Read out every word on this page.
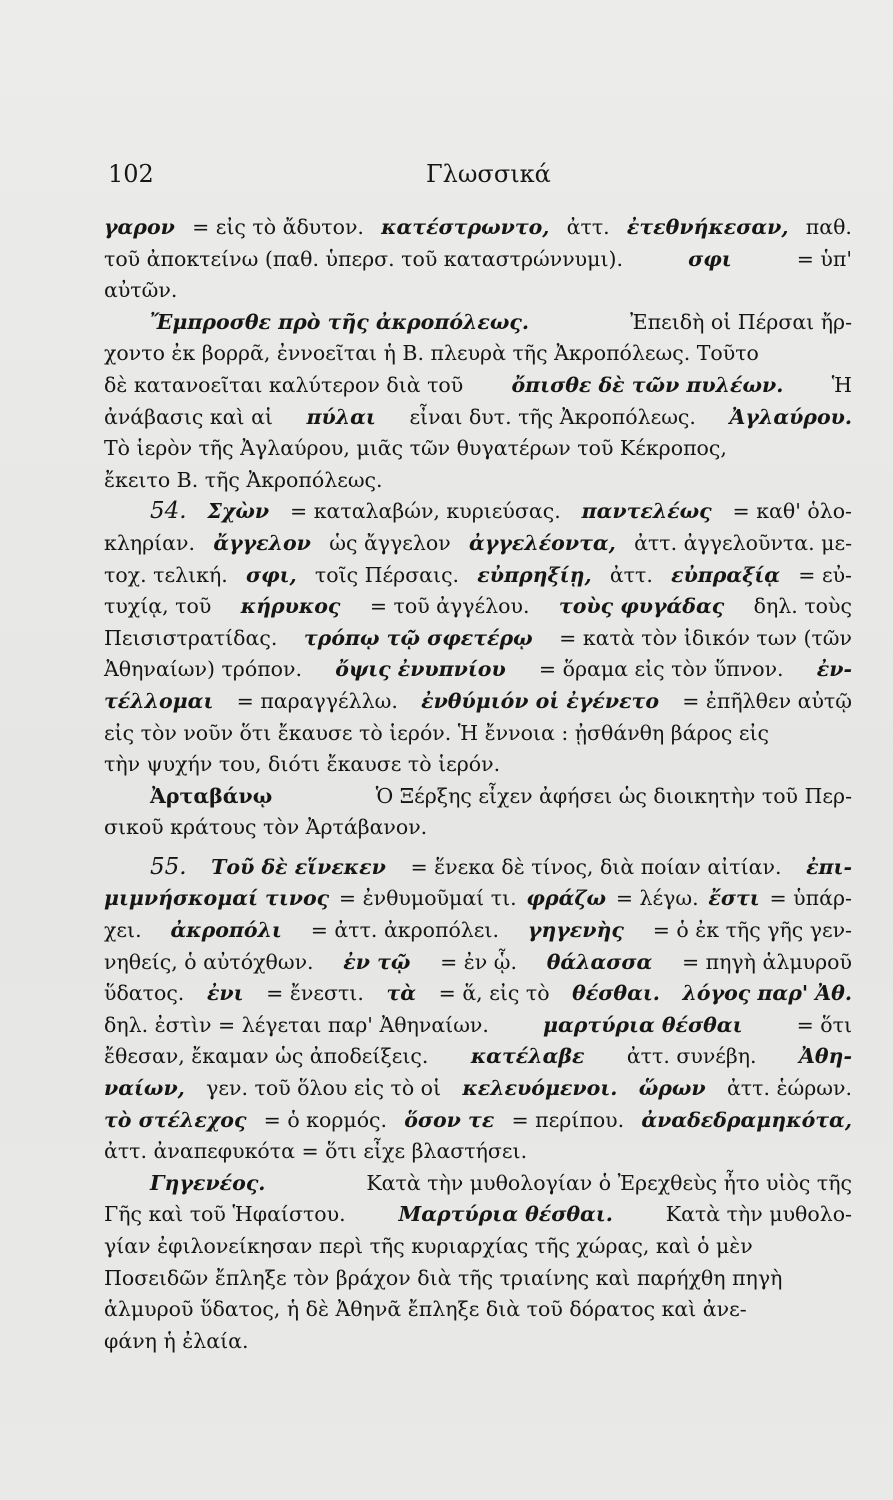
102	Γλωσσικά
γαρον = εἰς τὸ ἄδυτον. κατέστρωντο, ἀττ. ἐτεθνήκεσαν, παθ.
τοῦ ἀποκτείνω (παθ. ὑπερσ. τοῦ καταστρώννυμι).	σφι	= ὑπ'
αὐτῶν.
Ἔμπροσθε πρὸ τῆς ἀκροπόλεως.	Ἐπειδὴ οἱ Πέρσαι ἤρ-
χοντο ἐκ βορρᾶ, ἐννοεῖται ἡ Β. πλευρὰ τῆς Ἀκροπόλεως. Τοῦτο
δὲ κατανοεῖται καλύτερον διὰ τοῦ ὄπισθε δὲ τῶν πυλέων. Ἡ
ἀνάβασις καὶ αἱ πύλαι εἶναι δυτ. τῆς Ἀκροπόλεως. Ἀγλαύρου.
Τὸ ἱερὸν τῆς Ἀγλαύρου, μιᾶς τῶν θυγατέρων τοῦ Κέκροπος,
ἔκειτο Β. τῆς Ἀκροπόλεως.
54. Σχὼν = καταλαβών, κυριεύσας. παντελέως = καθ' ὁλο-
κληρίαν. ἄγγελον ὡς ἄγγελον ἀγγελέοντα, ἀττ. ἀγγελοῦντα. με-
τοχ. τελική. σφι, τοῖς Πέρσαις. εὐπρηξίῃ, ἀττ. εὐπραξίᾳ = εὐ-
τυχίᾳ, τοῦ κήρυκος = τοῦ ἀγγέλου. τοὺς φυγάδας δηλ. τοὺς
Πεισιστρατίδας. τρόπῳ τῷ σφετέρῳ = κατὰ τὸν ἰδικόν των (τῶν
Ἀθηναίων) τρόπον. ὄψις ἐνυπνίου = ὅραμα εἰς τὸν ὕπνον. ἐν-
τέλλομαι = παραγγέλλω. ἐνθύμιόν οἱ ἐγένετο = ἐπῆλθεν αὐτῷ
εἰς τὸν νοῦν ὅτι ἔκαυσε τὸ ἱερόν. Ἡ ἔννοια : ᾐσθάνθη βάρος εἰς
τὴν ψυχήν του, διότι ἔκαυσε τὸ ἱερόν.
Ἀρταβάνῳ	Ὁ Ξέρξης εἶχεν ἀφήσει ὡς διοικητὴν τοῦ Περ-
σικοῦ κράτους τὸν Ἀρτάβανον.
55. Τοῦ δὲ εἵνεκεν = ἕνεκα δὲ τίνος, διὰ ποίαν αἰτίαν. ἐπι-
μιμνήσκομαί τινος = ἐνθυμοῦμαί τι. φράζω = λέγω. ἔστι = ὑπάρ-
χει. ἀκροπόλι = ἀττ. ἀκροπόλει. γηγενὴς = ὁ ἐκ τῆς γῆς γεν-
νηθείς, ὁ αὐτόχθων. ἐν τῷ = ἐν ᾧ. θάλασσα = πηγὴ ἁλμυροῦ
ὕδατος. ἐνι = ἔνεστι. τὰ = ἅ, εἰς τὸ θέσθαι. λόγος παρ' Ἀθ.
δηλ. ἐστὶν = λέγεται παρ' Ἀθηναίων.	μαρτύρια θέσθαι	= ὅτι
ἔθεσαν, ἔκαμαν ὡς ἀποδείξεις. κατέλαβε ἀττ. συνέβη. Ἀθη-
ναίων, γεν. τοῦ ὅλου εἰς τὸ οἱ κελευόμενοι. ὥρων ἀττ. ἑώρων.
τὸ στέλεχος = ὁ κορμός. ὅσον τε = περίπου. ἀναδεδραμηκότα,
ἀττ. ἀναπεφυκότα = ὅτι εἶχε βλαστήσει.
Γηγενέος.	Κατὰ τὴν μυθολογίαν ὁ Ἐρεχθεὺς ἦτο υἱὸς τῆς
Γῆς καὶ τοῦ Ἡφαίστου.	Μαρτύρια θέσθαι.	Κατὰ τὴν μυθολο-
γίαν ἐφιλονείκησαν περὶ τῆς κυριαρχίας τῆς χώρας, καὶ ὁ μὲν
Ποσειδῶν ἔπληξε τὸν βράχον διὰ τῆς τριαίνης καὶ παρήχθη πηγὴ
ἁλμυροῦ ὕδατος, ἡ δὲ Ἀθηνᾶ ἔπληξε διὰ τοῦ δόρατος καὶ ἀνε-
φάνη ἡ ἐλαία.
